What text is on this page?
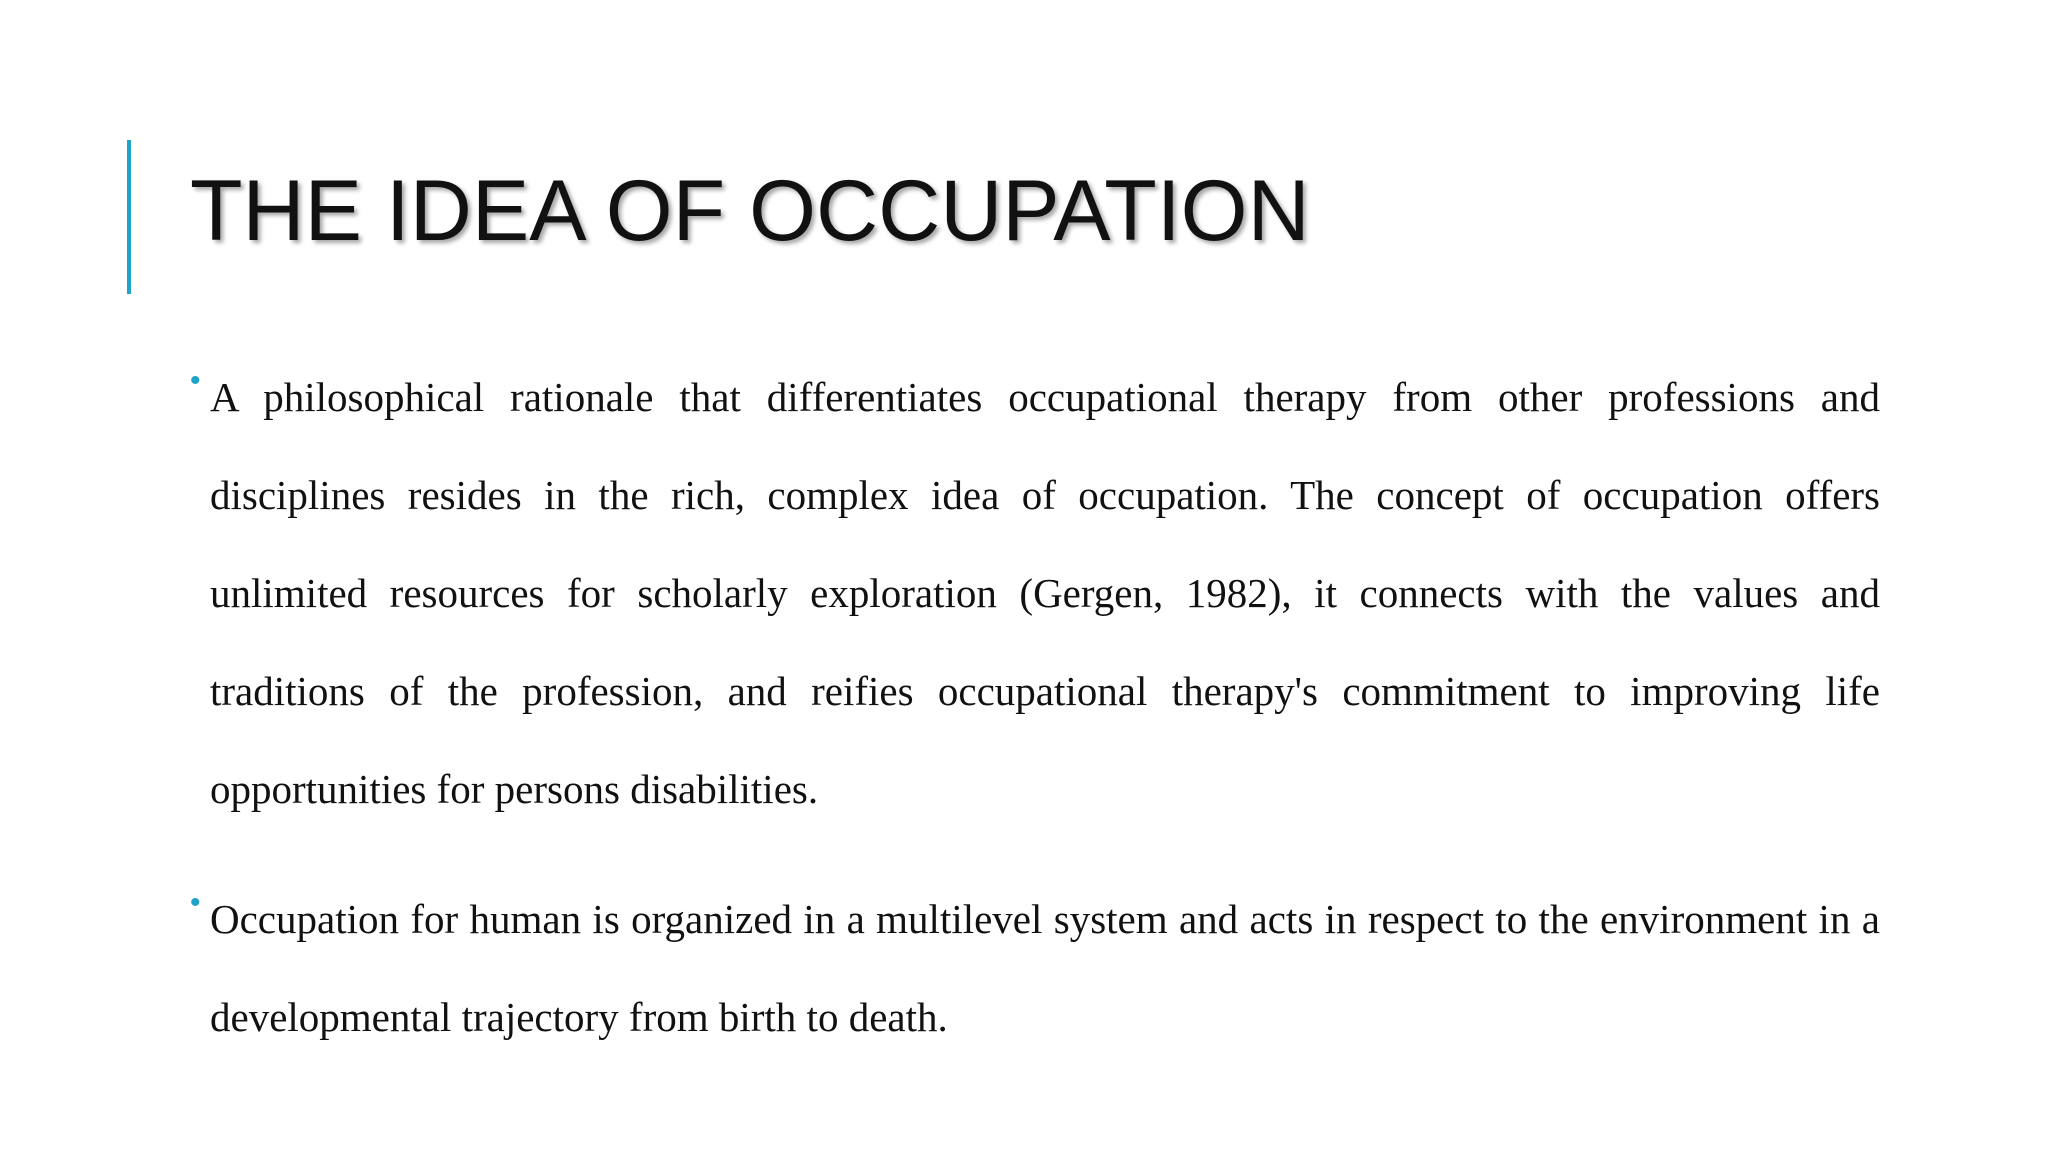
THE IDEA OF OCCUPATION

• A philosophical rationale that differentiates occupational therapy from other professions and disciplines resides in the rich, complex idea of occupation. The concept of occupation offers unlimited resources for scholarly exploration (Gergen, 1982), it connects with the values and traditions of the profession, and reifies occupational therapy's commitment to improving life opportunities for persons disabilities.

• Occupation for human is organized in a multilevel system and acts in respect to the environment in a developmental trajectory from birth to death.
